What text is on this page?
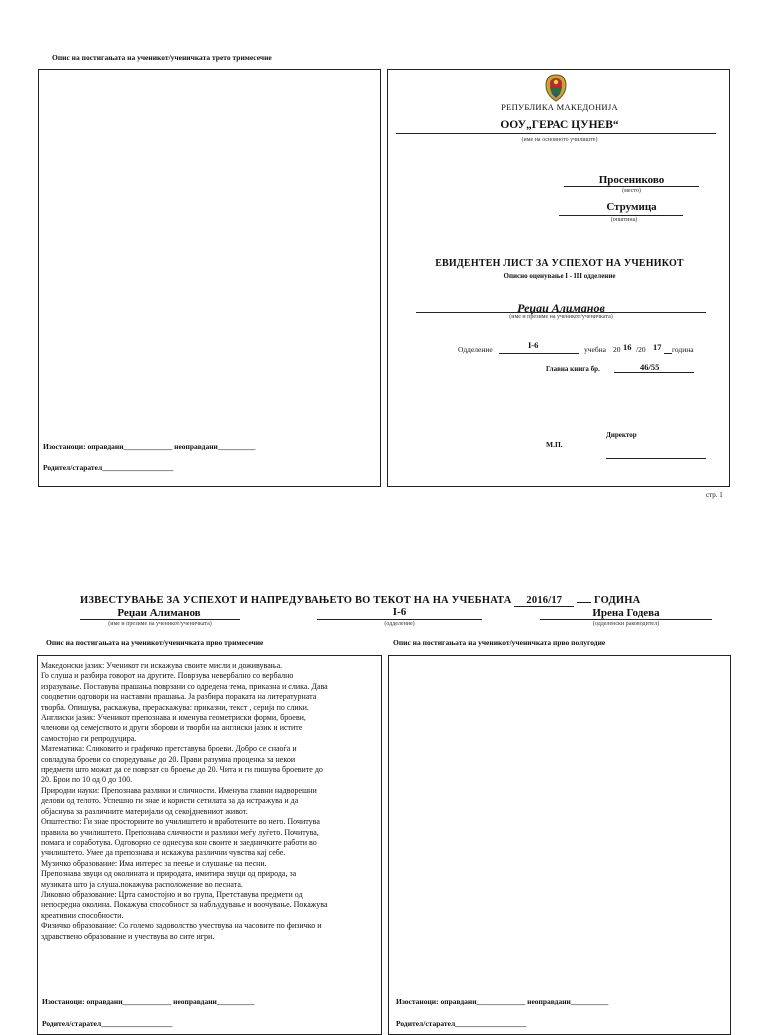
Опис на постигањата на ученикот/ученичката трето тримесечие
Изостаноци: оправдани_____________ неоправдани__________
Родител/старател___________________
РЕПУБЛИКА МАКЕДОНИЈА
ООУ„ГЕРАС ЦУНЕВ“
(име на основното училиште)
Просениково
(место)
Струмица
(општина)
ЕВИДЕНТЕН ЛИСТ ЗА УСПЕХОТ НА УЧЕНИКОТ
Описно оценување I - III одделение
Реџаи Алиманов
(име и презиме на ученикот/ученичката)
Одделение	I-6	учебна 20 16 /20 17 година
Главна книга бр.	46/55
Директор
М.П.
стр. 1
ИЗВЕСТУВАЊЕ ЗА УСПЕХОТ И НАПРЕДУВАЊЕТО ВО ТЕКОТ НА НА УЧЕБНАТА 2016/17	ГОДИНА
Реџаи Алиманов
(име и презиме на ученикот/ученичката)
I-6
(одделение)
Ирена Годева
(одделенски раководител)
Опис на постигањата на ученикот/ученичката прво тримесечие	Опис на постигањата на ученикот/ученичката прво полугодие
Македонски јазик: Ученикот ги искажува своите мисли и доживувања.
Го слуша и разбира говорот на другите. Поврзува невербално со вербално
изразување. Поставува прашања поврзани со одредена тема, приказна и слика. Дава
соодветни одговори на наставни прашања. Ја разбира пораката на литературната
творба. Опишува, раскажува, прераскажува: приказни, текст , серија по слики.
Англиски јазик: Ученикот препознава и именува геометриски форми, броеви,
членови од семејството и други зборови и творби на англиски јазик и истите
самостојно ги репродуцира.
Математика: Сликовито и графичко претставува броеви. Добро се снаоѓа и
совладува броеви со споредување до 20. Прави разумна проценка за некои
предмети што можат да се поврзат со броење до 20. Чита и ги пишува броевите до
20. Брои по 10 од 0 до 100.
Природни науки: Препознава разлики и сличности. Именува главни надворешни
делови од телото. Успешно ги знае и користи сетилата за да истражува и да
објаснува за различните материјали од секојдневниот живот.
Општество: Ги знае просториите во училиштето и вработените во него. Почитува
правила во училиштето. Препознава сличности и разлики меѓу луѓето. Почитува,
помага и соработува. Одговорно се однесува кон своите и заедничките работи во
училиштето. Умее да препознава и искажува различни чувства кај себе.
Музичко образование: Има интерес за пеење и слушање на песни.
Препознава звуци од околината и природата, имитира звуци од природа, за
музиката што ја слуша.покажува расположение во песната.
Ликовно образование: Црта самостојно и во група, Претставува предмети од
непосредна околина. Покажува способност за набљудување и воочување. Покажува
креативни способности.
Физичко образование: Со големо задоволство учествува на часовите по физичко и
здравствено образование и учествува во сите игри.
Изостаноци: оправдани_____________ неоправдани__________
Родител/старател___________________
Изостаноци: оправдани_____________ неоправдани__________
Родител/старател___________________
